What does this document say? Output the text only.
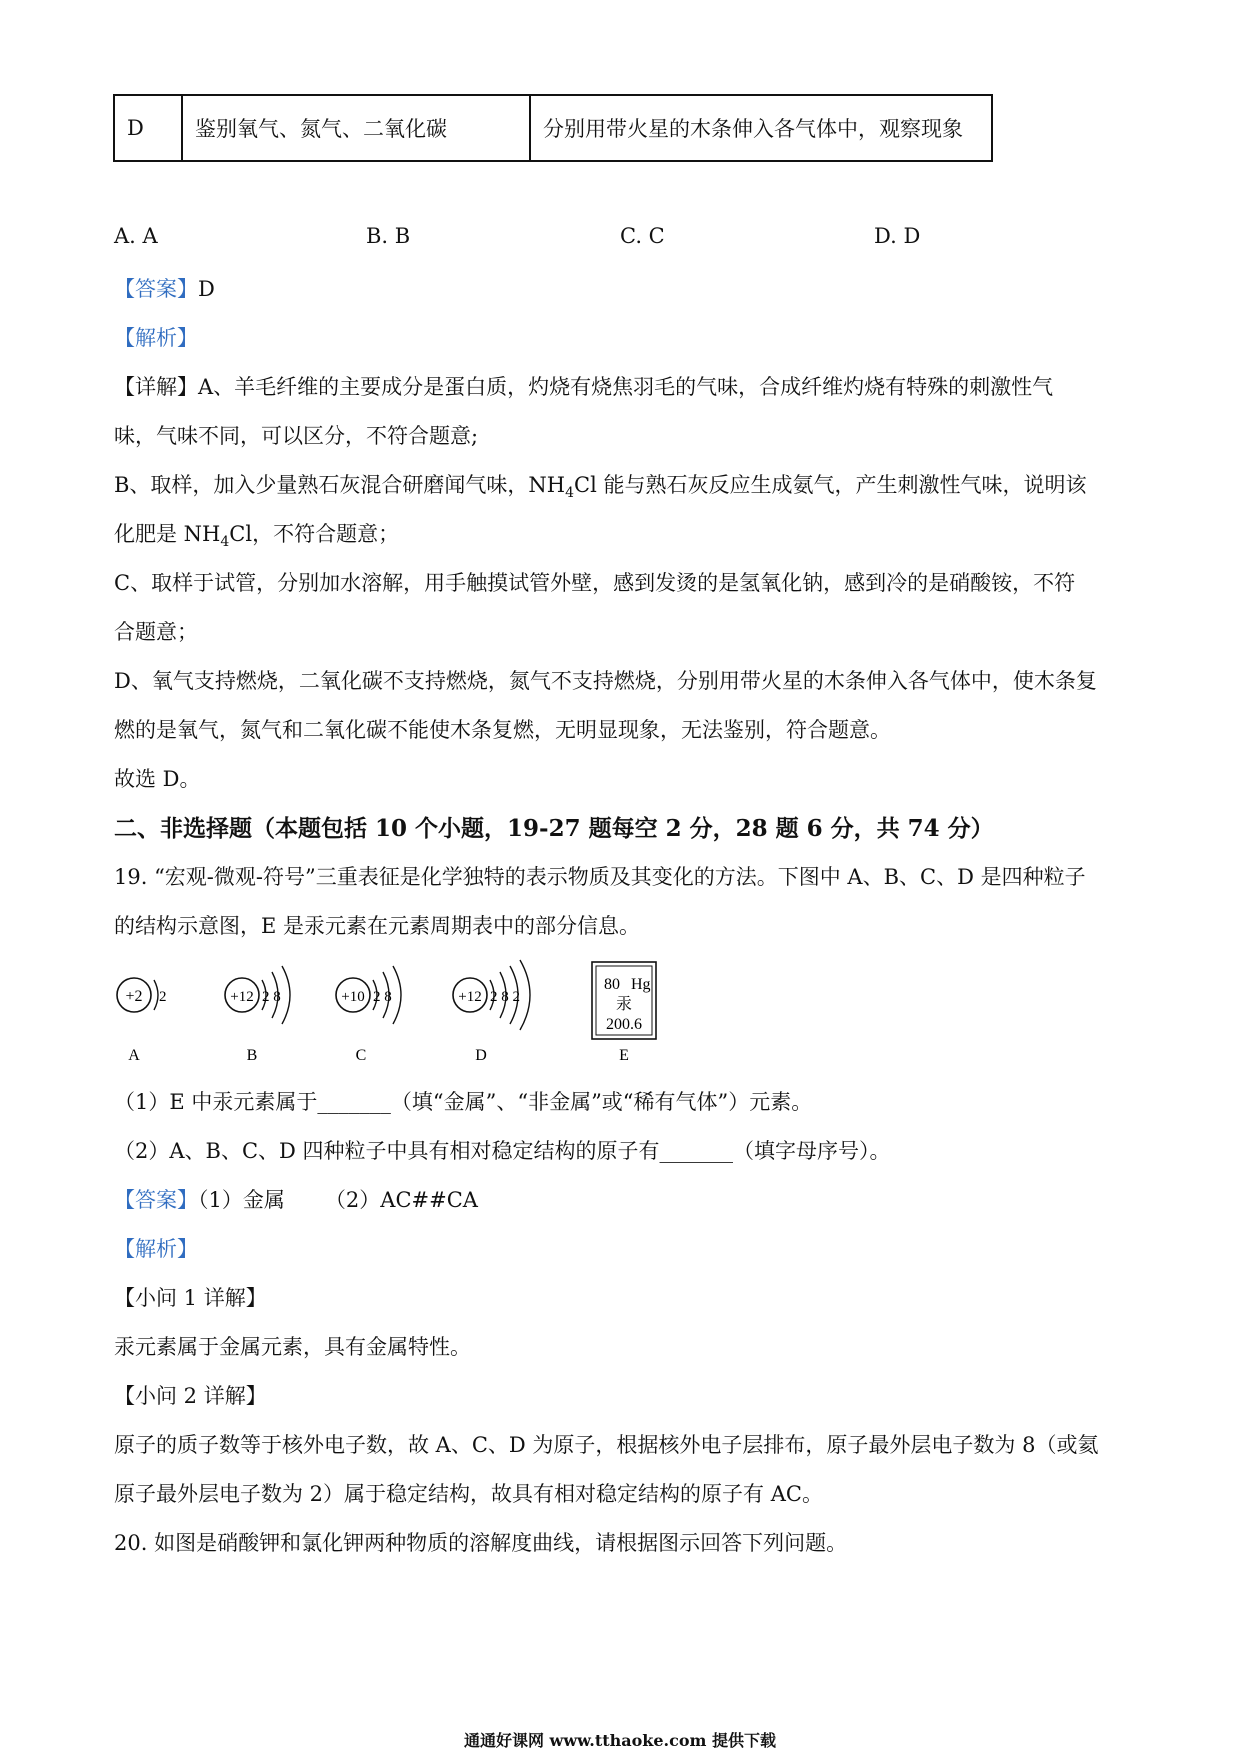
D	鉴别氧气、氮气、二氧化碳	分别用带火星的木条伸入各气体中，观察现象
A. A	B. B	C. C	D. D
【答案】D
【解析】
【详解】A、羊毛纤维的主要成分是蛋白质，灼烧有烧焦羽毛的气味，合成纤维灼烧有特殊的刺激性气
味，气味不同，可以区分，不符合题意;
B、取样，加入少量熟石灰混合研磨闻气味，$NH_4Cl$ 能与熟石灰反应生成氨气，产生刺激性气味，说明该
化肥是 $NH_4Cl$，不符合题意；
C、取样于试管，分别加水溶解，用手触摸试管外壁，感到发烫的是氢氧化钠，感到冷的是硝酸铵，不符
合题意；
D、氧气支持燃烧，二氧化碳不支持燃烧，氮气不支持燃烧，分别用带火星的木条伸入各气体中，使木条复
燃的是氧气，氮气和二氧化碳不能使木条复燃，无明显现象，无法鉴别，符合题意。
故选 D。
二、非选择题（本题包括 10 个小题，19-27 题每空 2 分，28 题 6 分，共 74 分）
19. “宏观-微观-符号”三重表征是化学独特的表示物质及其变化的方法。下图中 A、B、C、D 是四种粒子
的结构示意图，E 是汞元素在元素周期表中的部分信息。
+2 2
A
+12 2 8
B
+10 2 8
C
+12 2 8 2
D
80 Hg
汞
200.6
E
（1）E 中汞元素属于_______（填“金属”、“非金属”或“稀有气体”）元素。
（2）A、B、C、D 四种粒子中具有相对稳定结构的原子有_______（填字母序号）。
【答案】（1）金属      （2）AC##CA
【解析】
【小问 1 详解】
汞元素属于金属元素，具有金属特性。
【小问 2 详解】
原子的质子数等于核外电子数，故 A、C、D 为原子，根据核外电子层排布，原子最外层电子数为 8（或氦
原子最外层电子数为 2）属于稳定结构，故具有相对稳定结构的原子有 AC。
20. 如图是硝酸钾和氯化钾两种物质的溶解度曲线，请根据图示回答下列问题。
通通好课网 www.tthaoke.com 提供下载
